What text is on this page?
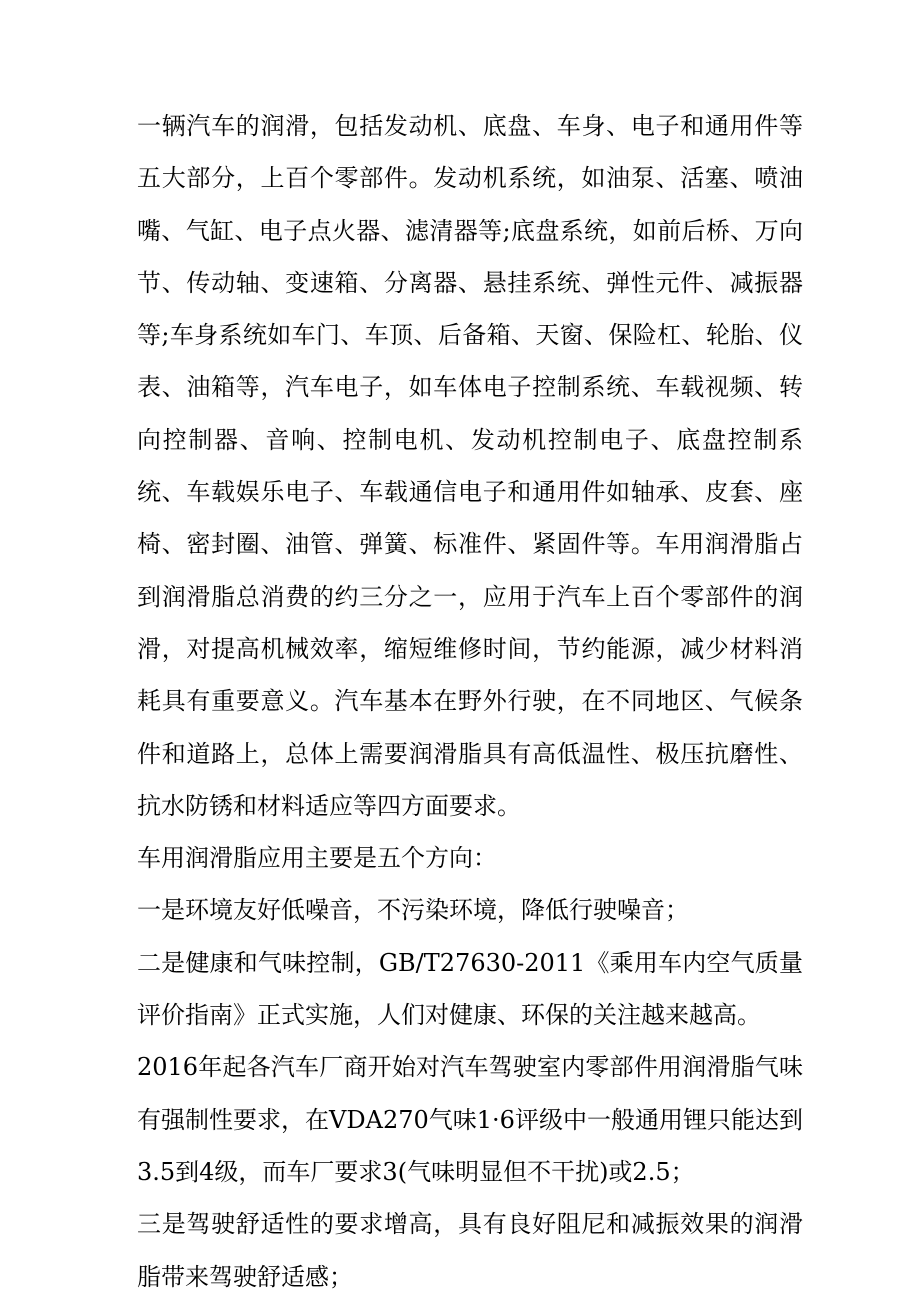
一辆汽车的润滑，包括发动机、底盘、车身、电子和通用件等五大部分，上百个零部件。发动机系统，如油泵、活塞、喷油嘴、气缸、电子点火器、滤清器等;底盘系统，如前后桥、万向节、传动轴、变速箱、分离器、悬挂系统、弹性元件、减振器等;车身系统如车门、车顶、后备箱、天窗、保险杠、轮胎、仪表、油箱等，汽车电子，如车体电子控制系统、车载视频、转向控制器、音响、控制电机、发动机控制电子、底盘控制系统、车载娱乐电子、车载通信电子和通用件如轴承、皮套、座椅、密封圈、油管、弹簧、标准件、紧固件等。车用润滑脂占到润滑脂总消费的约三分之一，应用于汽车上百个零部件的润滑，对提高机械效率，缩短维修时间，节约能源，减少材料消耗具有重要意义。汽车基本在野外行驶，在不同地区、气候条件和道路上，总体上需要润滑脂具有高低温性、极压抗磨性、抗水防锈和材料适应等四方面要求。

车用润滑脂应用主要是五个方向：

一是环境友好低噪音，不污染环境，降低行驶噪音；

二是健康和气味控制，GB/T27630-2011《乘用车内空气质量评价指南》正式实施，人们对健康、环保的关注越来越高。

2016年起各汽车厂商开始对汽车驾驶室内零部件用润滑脂气味有强制性要求，在VDA270气味1·6评级中一般通用锂只能达到3.5到4级，而车厂要求3(气味明显但不干扰)或2.5；

三是驾驶舒适性的要求增高，具有良好阻尼和减振效果的润滑脂带来驾驶舒适感；
